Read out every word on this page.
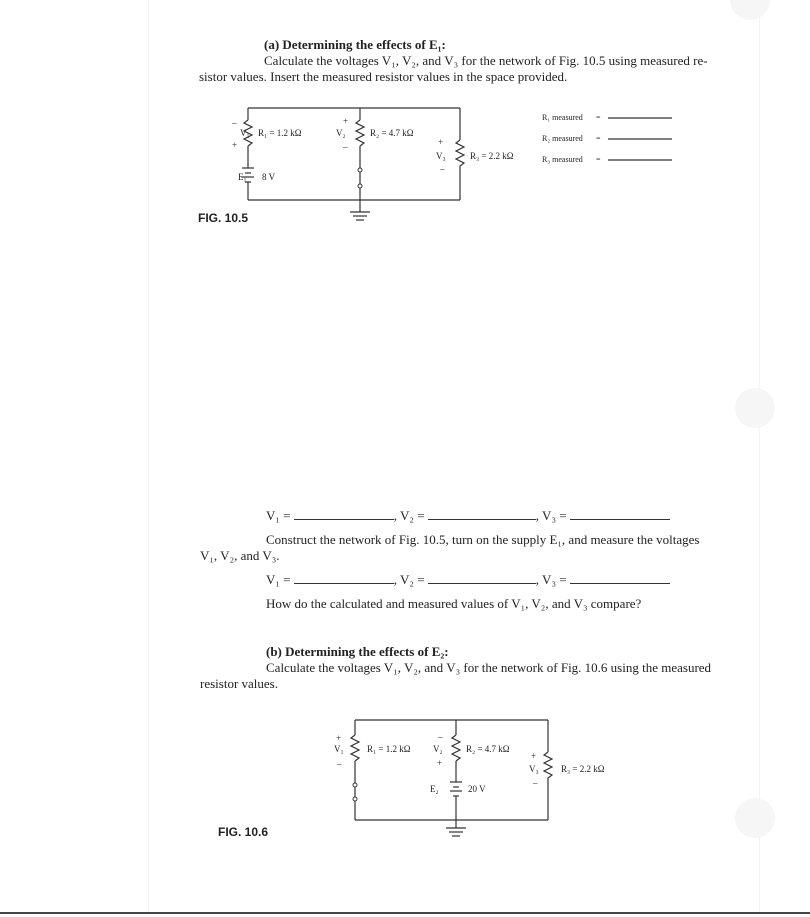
(a) Determining the effects of E₁:
Calculate the voltages V₁, V₂, and V₃ for the network of Fig. 10.5 using measured re-
sistor values. Insert the measured resistor values in the space provided.
–
V₁
+
R₁ = 1.2 kΩ
+
V₂
–
R₂ = 4.7 kΩ
+
V₃
–
R₃ = 2.2 kΩ
E₁ 8 V
R₁ measured =
R₂ measured =
R₃ measured =
FIG. 10.5
V₁ =	, V₂ =	, V₃ =
Construct the network of Fig. 10.5, turn on the supply E₁, and measure the voltages
V₁, V₂, and V₃.
V₁ =	, V₂ =	, V₃ =
How do the calculated and measured values of V₁, V₂, and V₃ compare?
(b) Determining the effects of E₂:
Calculate the voltages V₁, V₂, and V₃ for the network of Fig. 10.6 using the measured
resistor values.
+
V₁
–
R₁ = 1.2 kΩ
–
V₂
+
R₂ = 4.7 kΩ
+
V₃
–
R₃ = 2.2 kΩ
E₂	20 V
FIG. 10.6
